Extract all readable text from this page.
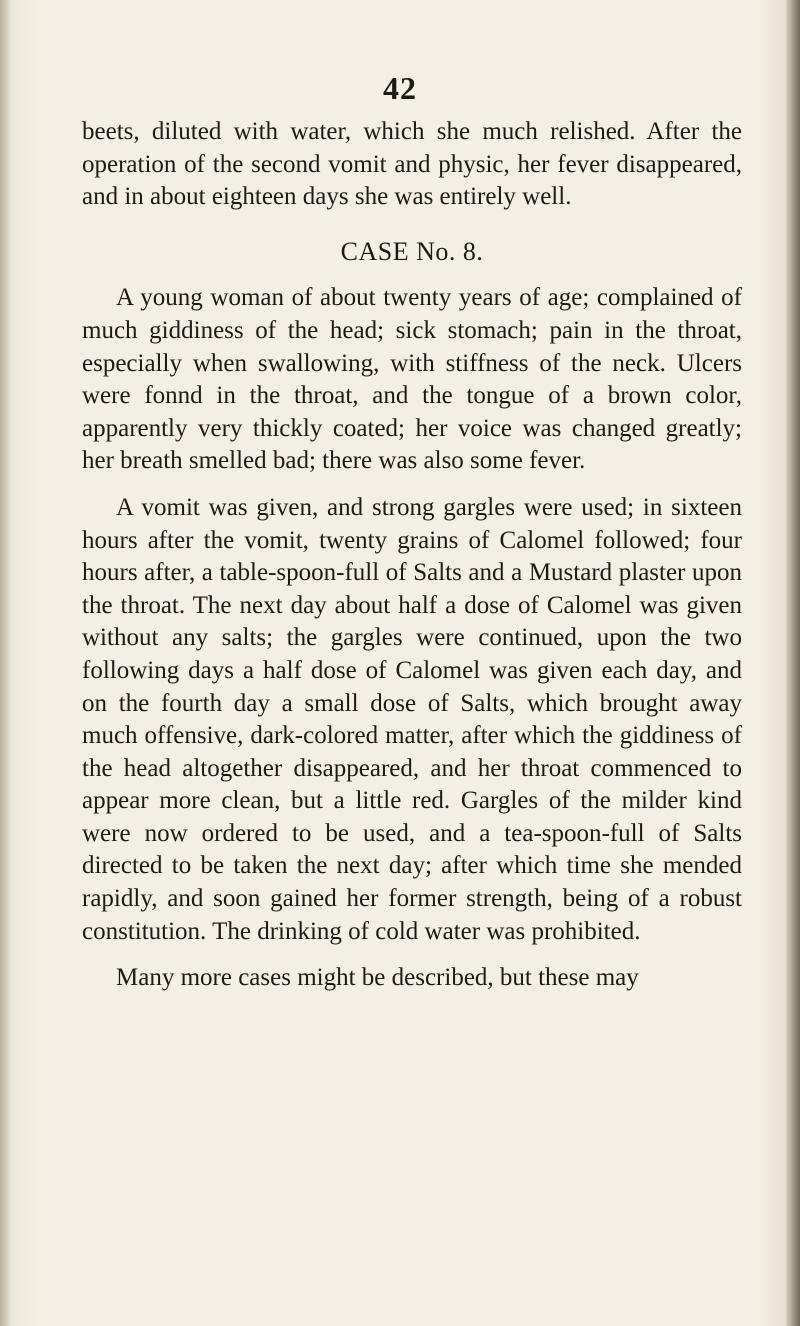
42

beets, diluted with water, which she much relished. After the operation of the second vomit and physic, her fever disappeared, and in about eighteen days she was entirely well.

CASE No. 8.

A young woman of about twenty years of age; complained of much giddiness of the head; sick stomach; pain in the throat, especially when swallowing, with stiffness of the neck. Ulcers were fonnd in the throat, and the tongue of a brown color, apparently very thickly coated; her voice was changed greatly; her breath smelled bad; there was also some fever.

A vomit was given, and strong gargles were used; in sixteen hours after the vomit, twenty grains of Calomel followed; four hours after, a table-spoon-full of Salts and a Mustard plaster upon the throat. The next day about half a dose of Calomel was given without any salts; the gargles were continued, upon the two following days a half dose of Calomel was given each day, and on the fourth day a small dose of Salts, which brought away much offensive, dark-colored matter, after which the giddiness of the head altogether disappeared, and her throat commenced to appear more clean, but a little red. Gargles of the milder kind were now ordered to be used, and a tea-spoon-full of Salts directed to be taken the next day; after which time she mended rapidly, and soon gained her former strength, being of a robust constitution. The drinking of cold water was prohibited.

Many more cases might be described, but these may
